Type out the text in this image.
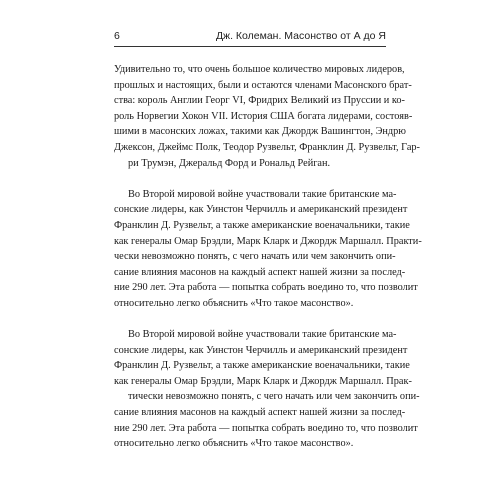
6	Дж. Колеман. Масонство от А до Я

Удивительно то, что очень большое количество мировых лидеров,
прошлых и настоящих, были и остаются членами Масонского брат-
ства: король Англии Георг VI, Фридрих Великий из Пруссии и ко-
роль Норвегии Хокон VII. История США богата лидерами, состояв-
шими в масонских ложах, такими как Джордж Вашингтон, Эндрю
Джексон, Джеймс Полк, Теодор Рузвельт, Франклин Д. Рузвельт, Гар-
ри Трумэн, Джеральд Форд и Рональд Рейган.

Во Второй мировой войне участвовали такие британские ма-
сонские лидеры, как Уинстон Черчилль и американский президент
Франклин Д. Рузвельт, а также американские военачальники, такие
как генералы Омар Брэдли, Марк Кларк и Джордж Маршалл. Практи-
чески невозможно понять, с чего начать или чем закончить опи-
сание влияния масонов на каждый аспект нашей жизни за послед-
ние 290 лет. Эта работа — попытка собрать воедино то, что позволит
относительно легко объяснить «Что такое масонство».

Во Второй мировой войне участвовали такие британские ма-
сонские лидеры, как Уинстон Черчилль и американский президент
Франклин Д. Рузвельт, а также американские военачальники, такие
как генералы Омар Брэдли, Марк Кларк и Джордж Маршалл. Прак-
тически невозможно понять, с чего начать или чем закончить опи-
сание влияния масонов на каждый аспект нашей жизни за послед-
ние 290 лет. Эта работа — попытка собрать воедино то, что позволит
относительно легко объяснить «Что такое масонство».
